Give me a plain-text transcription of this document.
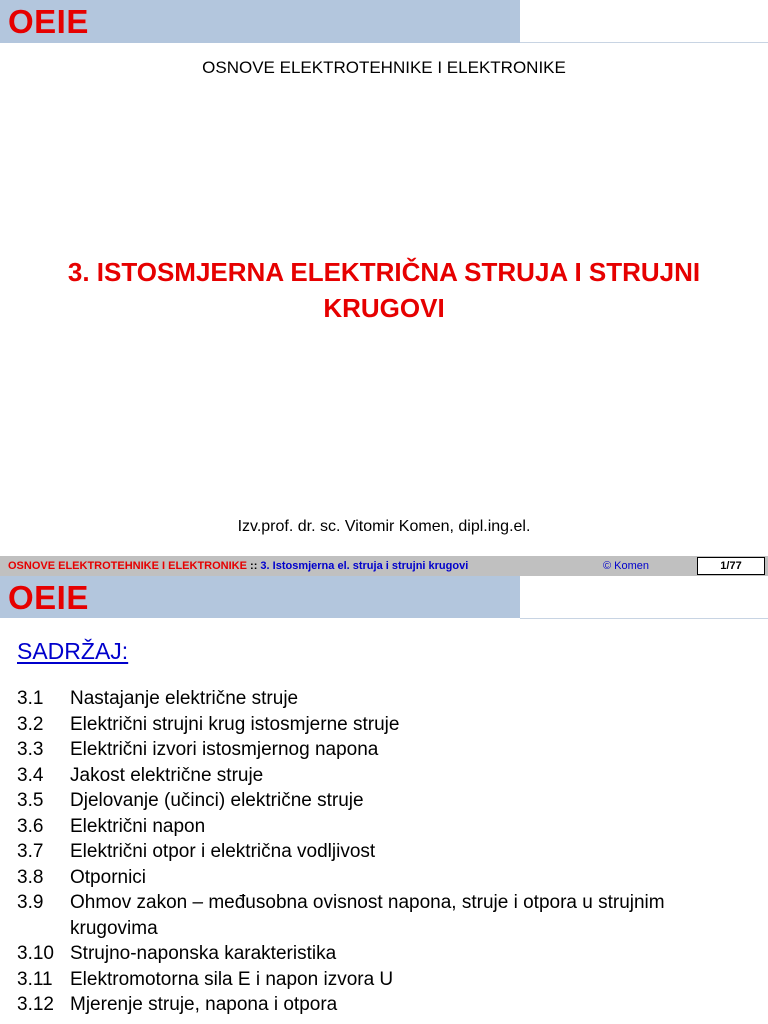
OEIE
OSNOVE ELEKTROTEHNIKE I ELEKTRONIKE
3. ISTOSMJERNA ELEKTRIČNA STRUJA I STRUJNI KRUGOVI
Izv.prof. dr. sc. Vitomir Komen, dipl.ing.el.
OSNOVE ELEKTROTEHNIKE I ELEKTRONIKE :: 3. Istosmjerna el. struja i strujni krugovi	© Komen	1/77
OEIE
SADRŽAJ:
3.1	Nastajanje električne struje
3.2	Električni strujni krug istosmjerne struje
3.3	Električni izvori istosmjernog napona
3.4	Jakost električne struje
3.5	Djelovanje (učinci) električne struje
3.6	Električni napon
3.7	Električni otpor i električna vodljivost
3.8	Otpornici
3.9	Ohmov zakon – međusobna ovisnost napona, struje i otpora u strujnim krugovima
3.10 Strujno-naponska karakteristika
3.11 Elektromotorna sila E i napon izvora U
3.12 Mjerenje struje, napona i otpora
